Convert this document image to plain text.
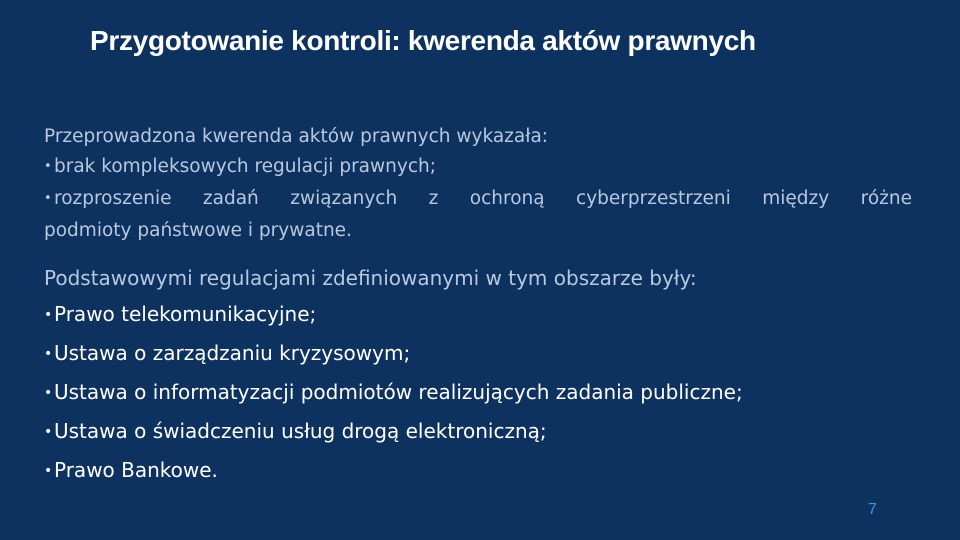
Przygotowanie kontroli: kwerenda aktów prawnych
Przeprowadzona kwerenda aktów prawnych wykazała:
• brak kompleksowych regulacji prawnych;
• rozproszenie zadań związanych z ochroną cyberprzestrzeni między różne
podmioty państwowe i prywatne.
Podstawowymi regulacjami zdefiniowanymi w tym obszarze były:
• Prawo telekomunikacyjne;
• Ustawa o zarządzaniu kryzysowym;
• Ustawa o informatyzacji podmiotów realizujących zadania publiczne;
• Ustawa o świadczeniu usług drogą elektroniczną;
• Prawo Bankowe.
7
